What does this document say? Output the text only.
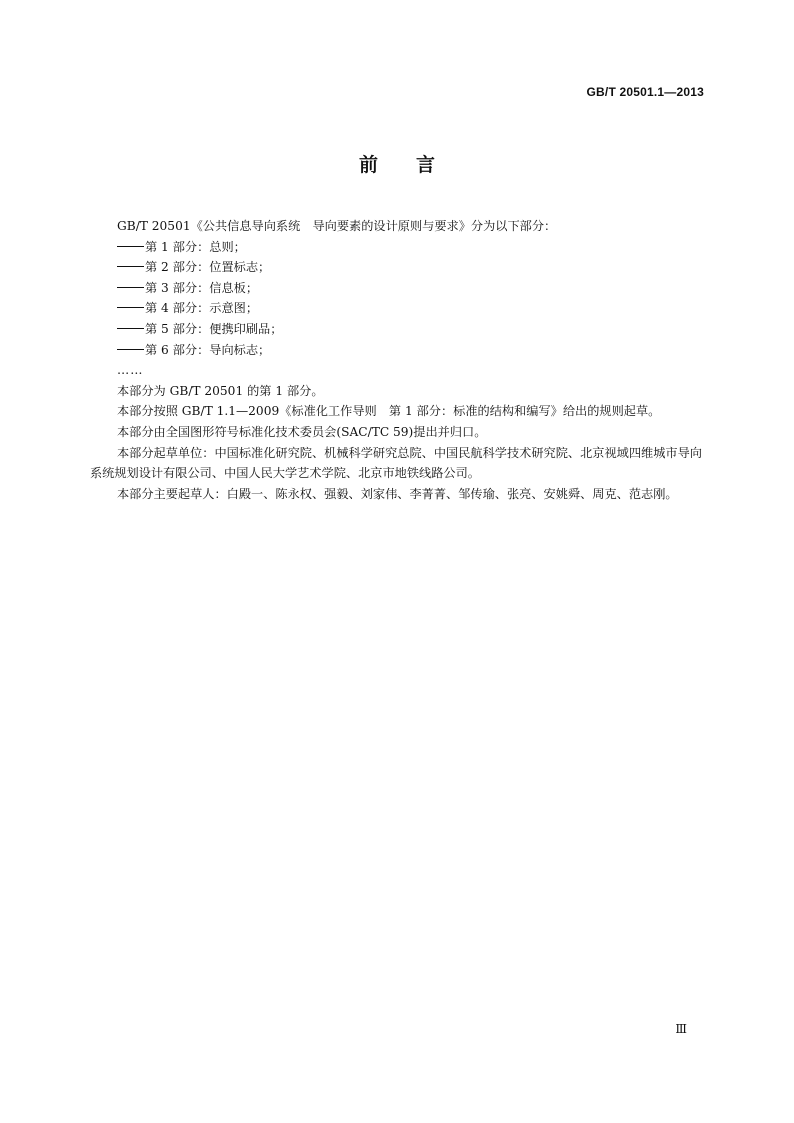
GB/T 20501.1—2013
前言

GB/T 20501《公共信息导向系统　导向要素的设计原则与要求》分为以下部分：

第 1 部分：总则；

第 2 部分：位置标志；

第 3 部分：信息板；

第 4 部分：示意图；

第 5 部分：便携印刷品；

第 6 部分：导向标志；

……

本部分为 GB/T 20501 的第 1 部分。

本部分按照 GB/T 1.1—2009《标准化工作导则　第 1 部分：标准的结构和编写》给出的规则起草。

本部分由全国图形符号标准化技术委员会(SAC/TC 59)提出并归口。

本部分起草单位：中国标准化研究院、机械科学研究总院、中国民航科学技术研究院、北京视域四维城市导向系统规划设计有限公司、中国人民大学艺术学院、北京市地铁线路公司。

本部分主要起草人：白殿一、陈永权、强毅、刘家伟、李菁菁、邹传瑜、张亮、安姚舜、周克、范志刚。

Ⅲ
